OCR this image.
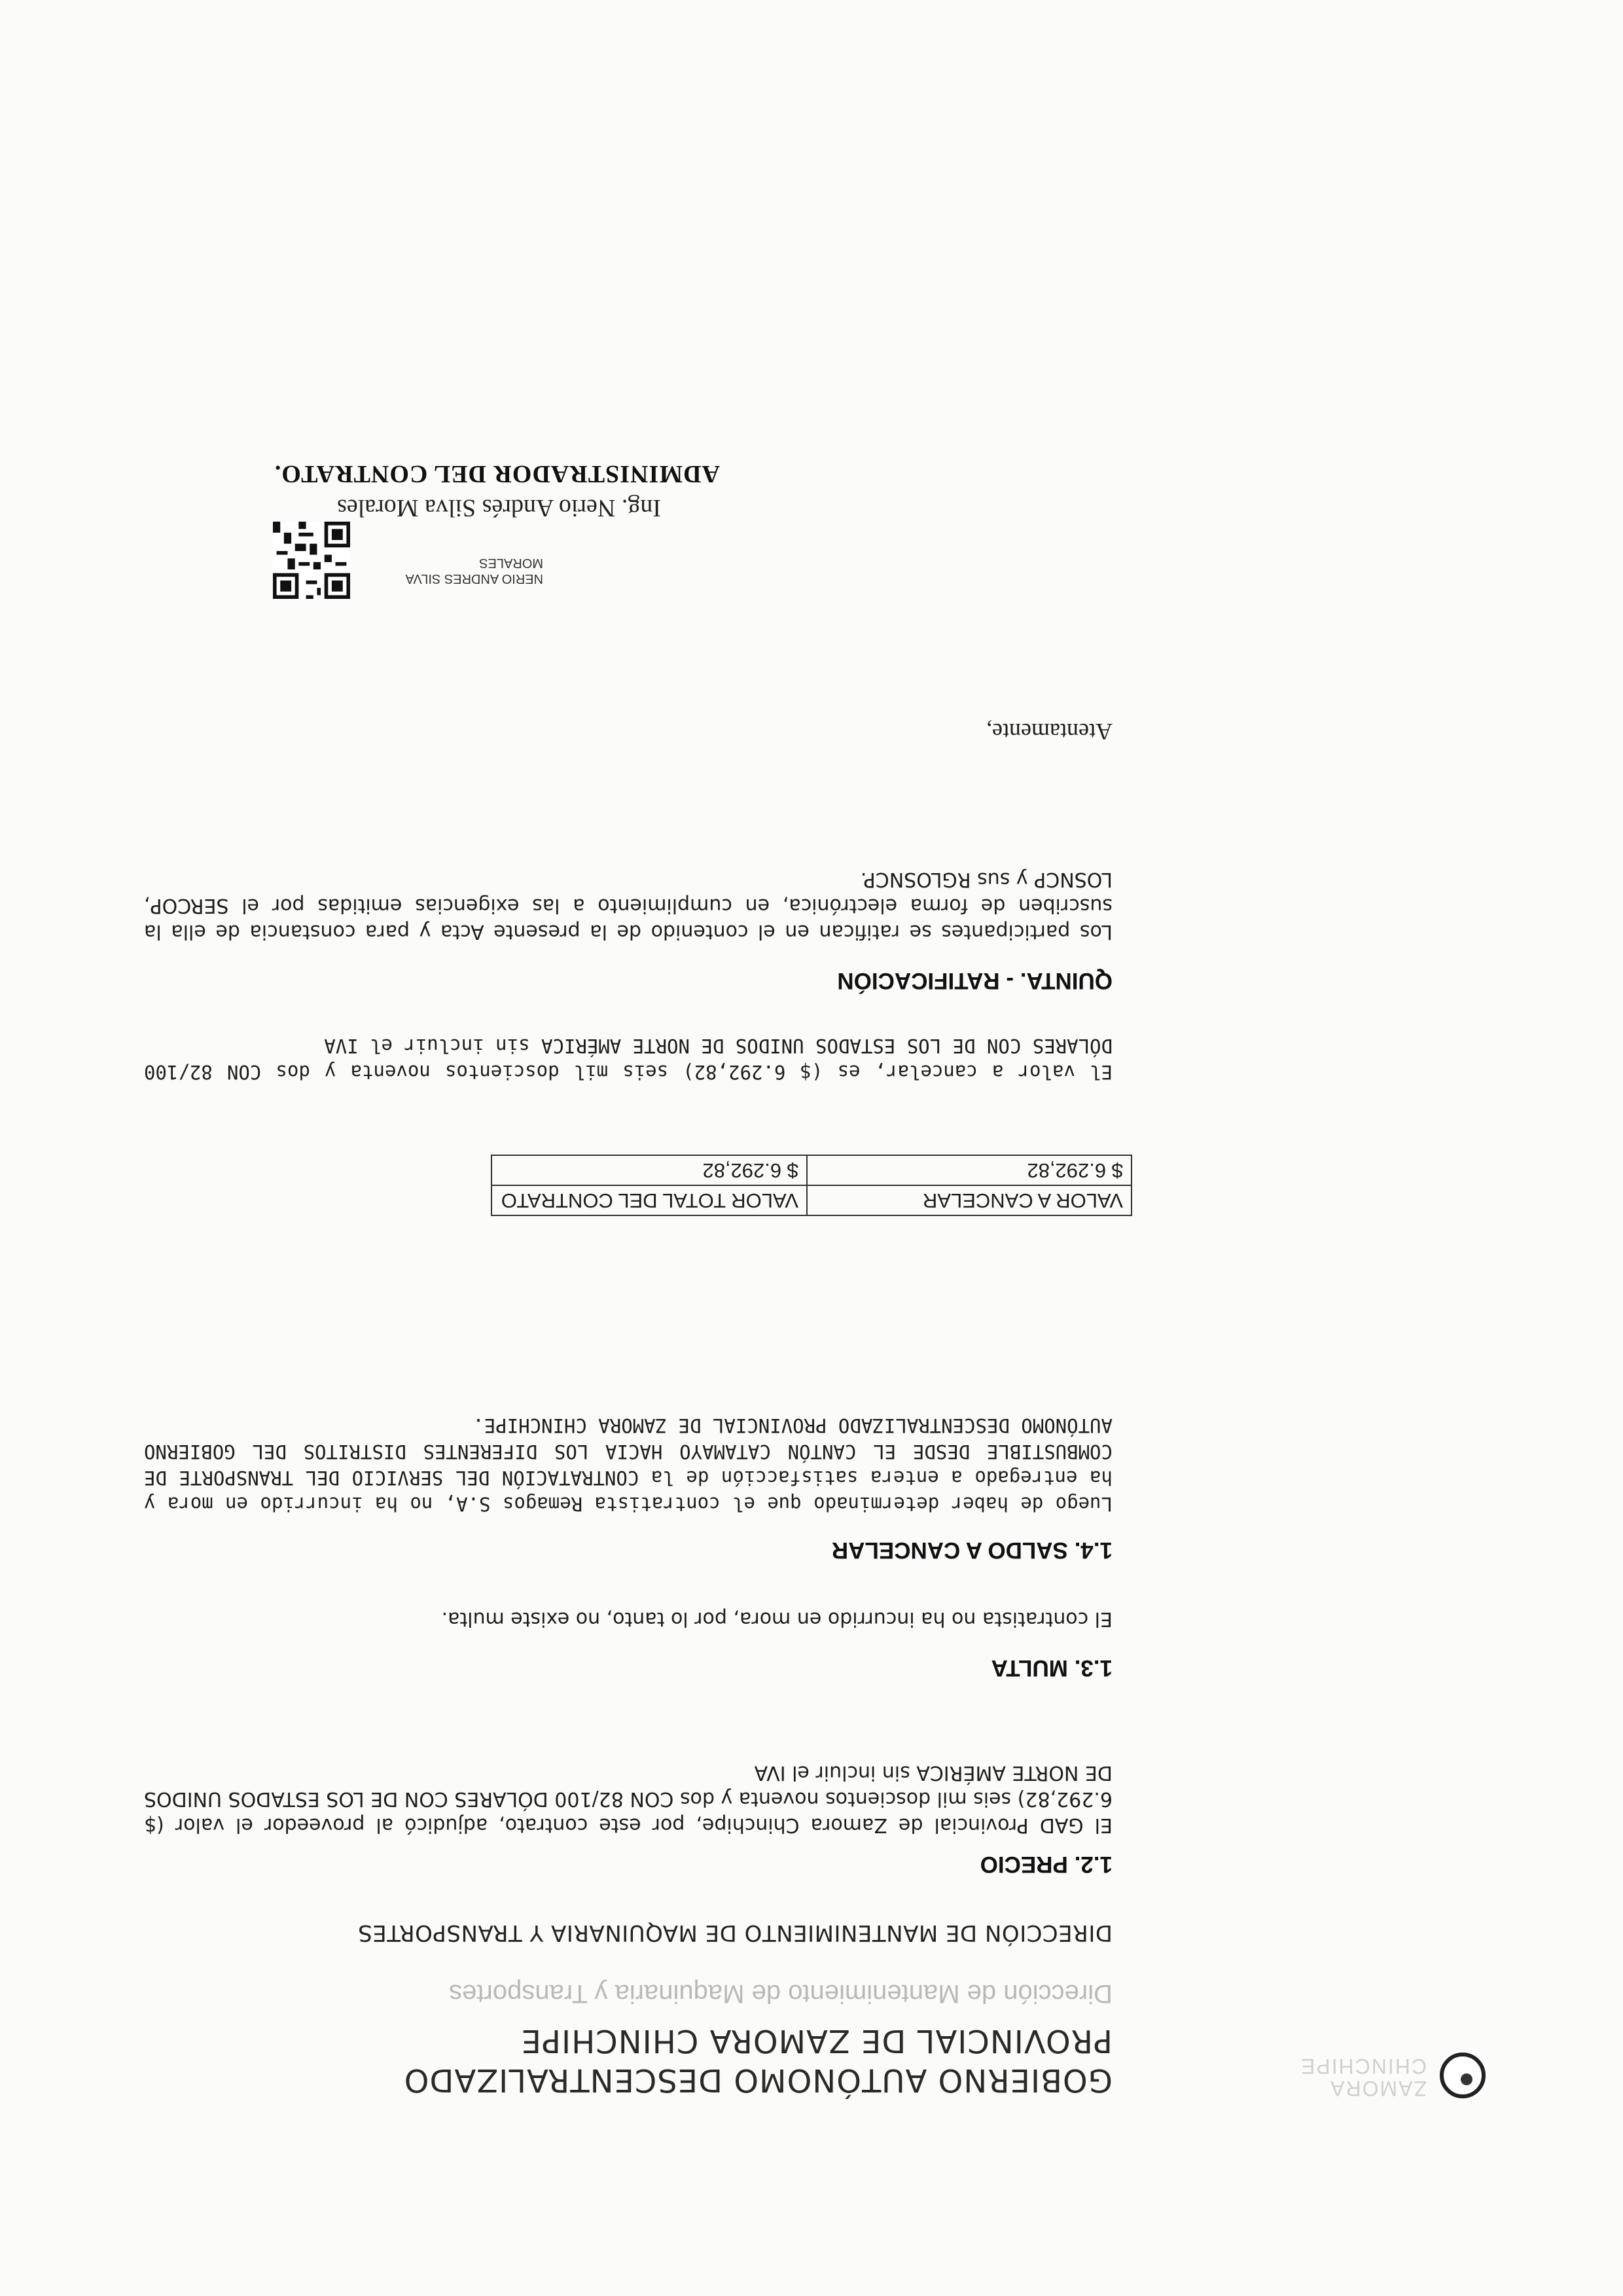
ZAMORA CHINCHIPE
GOBIERNO AUTÓNOMO DESCENTRALIZADO
PROVINCIAL DE ZAMORA CHINCHIPE
Dirección de Mantenimiento de Maquinaria y Transportes
DIRECCIÓN DE MANTENIMIENTO DE MAQUINARIA Y TRANSPORTES
1.2. PRECIO
El GAD Provincial de Zamora Chinchipe, por este contrato, adjudicó al proveedor el valor ($ 6.292,82) seis mil doscientos noventa y dos CON 82/100 DÓLARES CON DE LOS ESTADOS UNIDOS DE NORTE AMÉRICA sin incluir el IVA
1.3. MULTA
El contratista no ha incurrido en mora, por lo tanto, no existe multa.
1.4. SALDO A CANCELAR
Luego de haber determinado que el contratista Remagos S.A, no ha incurrido en mora y ha entregado a entera satisfacción de la CONTRATACIÓN DEL SERVICIO DEL TRANSPORTE DE COMBUSTIBLE DESDE EL CANTÓN CATAMAYO HACIA LOS DIFERENTES DISTRITOS DEL GOBIERNO AUTÓNOMO DESCENTRALIZADO PROVINCIAL DE ZAMORA CHINCHIPE.
VALOR A CANCELAR	VALOR TOTAL DEL CONTRATO
$ 6.292,82	$ 6.292,82
El valor a cancelar, es ($ 6.292,82) seis mil doscientos noventa y dos CON 82/100 DÓLARES CON DE LOS ESTADOS UNIDOS DE NORTE AMÉRICA sin incluir el IVA
QUINTA. - RATIFICACIÓN
Los participantes se ratifican en el contenido de la presente Acta y para constancia de ella la suscriben de forma electrónica, en cumplimiento a las exigencias emitidas por el SERCOP, LOSNCP y sus RGLOSNCP.
Atentamente,
NERIO ANDRES SILVA MORALES
Ing. Nerio Andrés Silva Morales
ADMINISTRADOR DEL CONTRATO.
